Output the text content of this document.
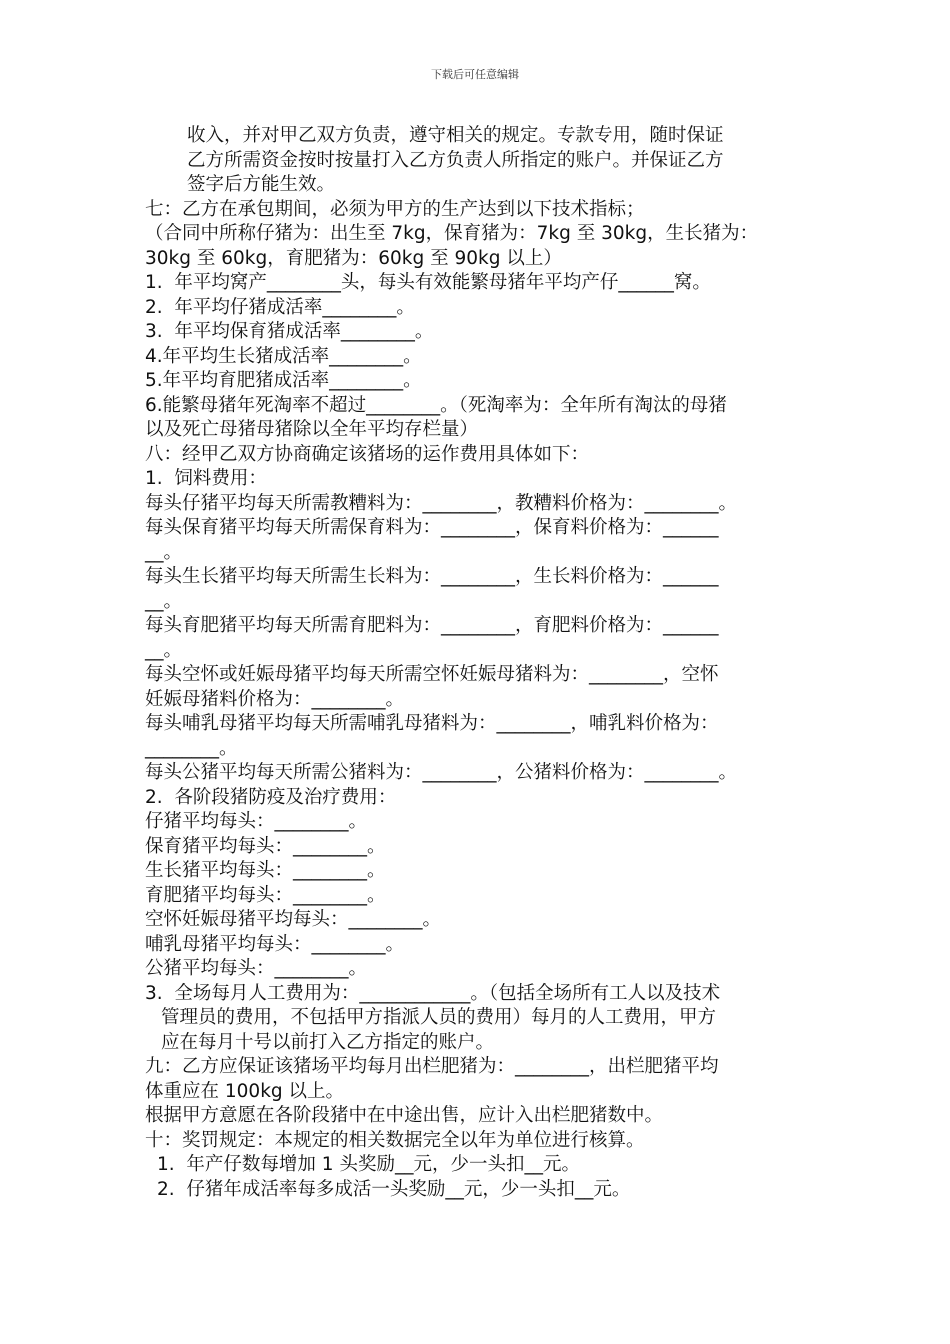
下载后可任意编辑
收入，并对甲乙双方负责，遵守相关的规定。专款专用，随时保证
乙方所需资金按时按量打入乙方负责人所指定的账户。并保证乙方
签字后方能生效。
七：乙方在承包期间，必须为甲方的生产达到以下技术指标；
（合同中所称仔猪为：出生至 7kg，保育猪为：7kg 至 30kg，生长猪为：
30kg 至 60kg，育肥猪为：60kg 至 90kg 以上）
1.  年平均窝产________头，每头有效能繁母猪年平均产仔______窝。
2.  年平均仔猪成活率________。
3.  年平均保育猪成活率________。
4.年平均生长猪成活率________。
5.年平均育肥猪成活率________。
6.能繁母猪年死淘率不超过________。（死淘率为：全年所有淘汰的母猪
以及死亡母猪母猪除以全年平均存栏量）
八：经甲乙双方协商确定该猪场的运作费用具体如下：
1.  饲料费用：
每头仔猪平均每天所需教糟料为：________，教糟料价格为：________。
每头保育猪平均每天所需保育料为：________，保育料价格为：______
__。
每头生长猪平均每天所需生长料为：________，生长料价格为：______
__。
每头育肥猪平均每天所需育肥料为：________，育肥料价格为：______
__。
每头空怀或妊娠母猪平均每天所需空怀妊娠母猪料为：________，空怀
妊娠母猪料价格为：________。
每头哺乳母猪平均每天所需哺乳母猪料为：________，哺乳料价格为：
________。
每头公猪平均每天所需公猪料为：________，公猪料价格为：________。
2.  各阶段猪防疫及治疗费用：
仔猪平均每头：________。
保育猪平均每头：________。
生长猪平均每头：________。
育肥猪平均每头：________。
空怀妊娠母猪平均每头：________。
哺乳母猪平均每头：________。
公猪平均每头：________。
3.  全场每月人工费用为：____________。（包括全场所有工人以及技术
管理员的费用，不包括甲方指派人员的费用）每月的人工费用，甲方
应在每月十号以前打入乙方指定的账户。
九：乙方应保证该猪场平均每月出栏肥猪为：________，出栏肥猪平均
体重应在 100kg 以上。
根据甲方意愿在各阶段猪中在中途出售，应计入出栏肥猪数中。
十：奖罚规定：本规定的相关数据完全以年为单位进行核算。
1.  年产仔数每增加 1 头奖励__元，少一头扣__元。
2.  仔猪年成活率每多成活一头奖励__元，少一头扣__元。
